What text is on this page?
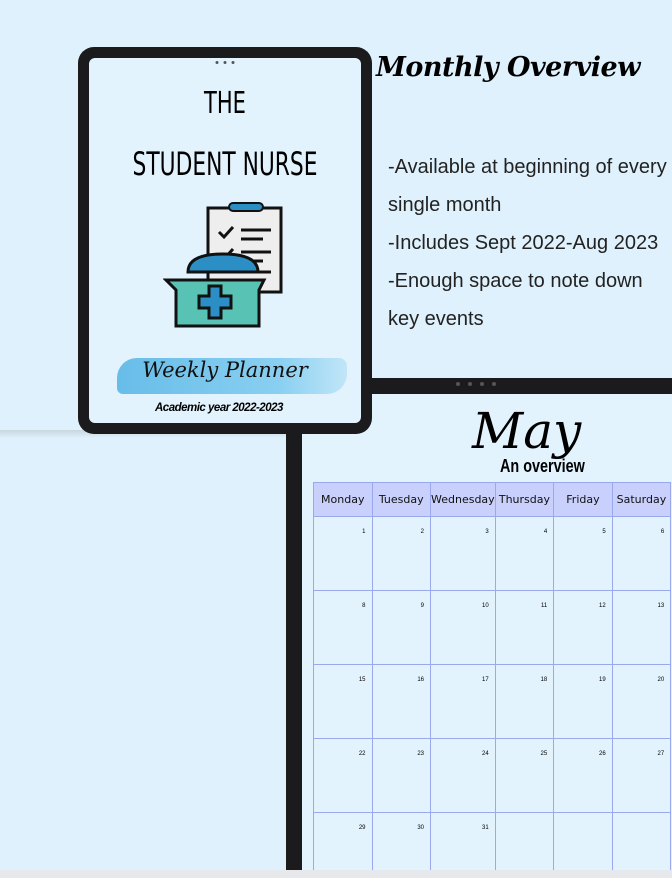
May
An overview
Monday	Tuesday	Wednesday	Thursday	Friday	Saturday
1	2	3	4	5	6
8	9	10	11	12	13
15	16	17	18	19	20
22	23	24	25	26	27
29	30	31			
THE
STUDENT NURSE
Weekly Planner
Academic year 2022-2023
Monthly Overview
-Available at beginning of every single month
-Includes Sept 2022-Aug 2023
-Enough space to note down key events
